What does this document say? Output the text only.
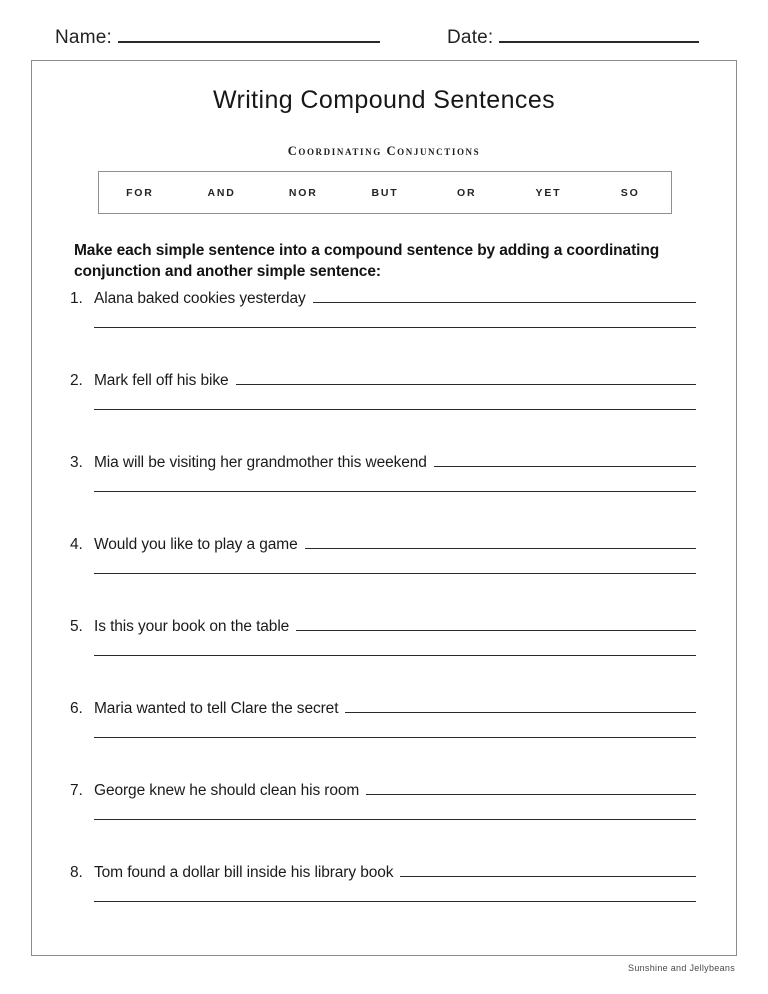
Name:	Date:
Writing Compound Sentences
Coordinating Conjunctions
FOR	AND	NOR	BUT	OR	YET	SO
Make each simple sentence into a compound sentence by adding a coordinating conjunction and another simple sentence:
1. Alana baked cookies yesterday
2. Mark fell off his bike
3. Mia will be visiting her grandmother this weekend
4. Would you like to play a game
5. Is this your book on the table
6. Maria wanted to tell Clare the secret
7. George knew he should clean his room
8. Tom found a dollar bill inside his library book
Sunshine and Jellybeans
